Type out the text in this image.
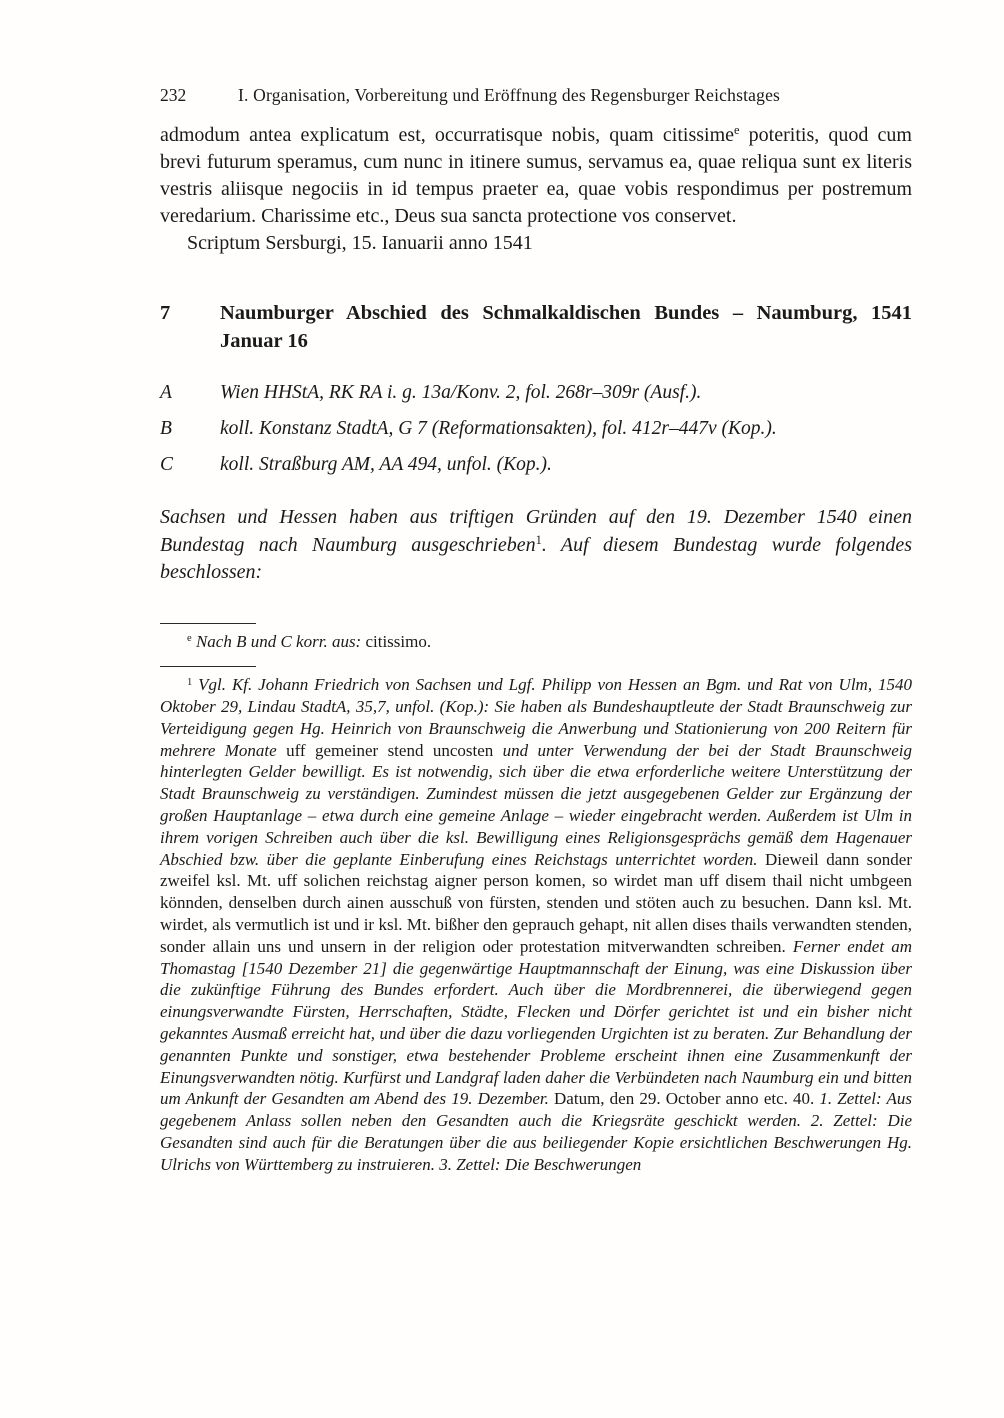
232	I. Organisation, Vorbereitung und Eröffnung des Regensburger Reichstages

admodum antea explicatum est, occurratisque nobis, quam citissime$^e$ poteritis, quod cum brevi futurum speramus, cum nunc in itinere sumus, servamus ea, quae reliqua sunt ex literis vestris aliisque negociis in id tempus praeter ea, quae vobis respondimus per postremum veredarium. Charissime etc., Deus sua sancta protectione vos conservet.

Scriptum Sersburgi, 15. Ianuarii anno 1541

7	Naumburger Abschied des Schmalkaldischen Bundes – Naumburg, 1541 Januar 16
A	Wien HHStA, RK RA i. g. 13a/Konv. 2, fol. 268r–309r (Ausf.).
B	koll. Konstanz StadtA, G 7 (Reformationsakten), fol. 412r–447v (Kop.).
C	koll. Straßburg AM, AA 494, unfol. (Kop.).

Sachsen und Hessen haben aus triftigen Gründen auf den 19. Dezember 1540 einen Bundestag nach Naumburg ausgeschrieben$^1$. Auf diesem Bundestag wurde folgendes beschlossen:

$^e$ Nach B und C korr. aus: citissimo.

$^1$ Vgl. Kf. Johann Friedrich von Sachsen und Lgf. Philipp von Hessen an Bgm. und Rat von Ulm, 1540 Oktober 29, Lindau StadtA, 35,7, unfol. (Kop.): Sie haben als Bundeshauptleute der Stadt Braunschweig zur Verteidigung gegen Hg. Heinrich von Braunschweig die Anwerbung und Stationierung von 200 Reitern für mehrere Monate uff gemeiner stend uncosten und unter Verwendung der bei der Stadt Braunschweig hinterlegten Gelder bewilligt. Es ist notwendig, sich über die etwa erforderliche weitere Unterstützung der Stadt Braunschweig zu verständigen. Zumindest müssen die jetzt ausgegebenen Gelder zur Ergänzung der großen Hauptanlage – etwa durch eine gemeine Anlage – wieder eingebracht werden. Außerdem ist Ulm in ihrem vorigen Schreiben auch über die ksl. Bewilligung eines Religionsgesprächs gemäß dem Hagenauer Abschied bzw. über die geplante Einberufung eines Reichstags unterrichtet worden. Dieweil dann sonder zweifel ksl. Mt. uff solichen reichstag aigner person komen, so wirdet man uff disem thail nicht umbgeen könnden, denselben durch ainen ausschuß von fürsten, stenden und stöten auch zu besuchen. Dann ksl. Mt. wirdet, als vermutlich ist und ir ksl. Mt. bißher den geprauch gehapt, nit allen dises thails verwandten stenden, sonder allain uns und unsern in der religion oder protestation mitverwandten schreiben. Ferner endet am Thomastag [1540 Dezember 21] die gegenwärtige Hauptmannschaft der Einung, was eine Diskussion über die zukünftige Führung des Bundes erfordert. Auch über die Mordbrennerei, die überwiegend gegen einungsverwandte Fürsten, Herrschaften, Städte, Flecken und Dörfer gerichtet ist und ein bisher nicht gekanntes Ausmaß erreicht hat, und über die dazu vorliegenden Urgichten ist zu beraten. Zur Behandlung der genannten Punkte und sonstiger, etwa bestehender Probleme erscheint ihnen eine Zusammenkunft der Einungsverwandten nötig. Kurfürst und Landgraf laden daher die Verbündeten nach Naumburg ein und bitten um Ankunft der Gesandten am Abend des 19. Dezember. Datum, den 29. October anno etc. 40. 1. Zettel: Aus gegebenem Anlass sollen neben den Gesandten auch die Kriegsräte geschickt werden. 2. Zettel: Die Gesandten sind auch für die Beratungen über die aus beiliegender Kopie ersichtlichen Beschwerungen Hg. Ulrichs von Württemberg zu instruieren. 3. Zettel: Die Beschwerungen
